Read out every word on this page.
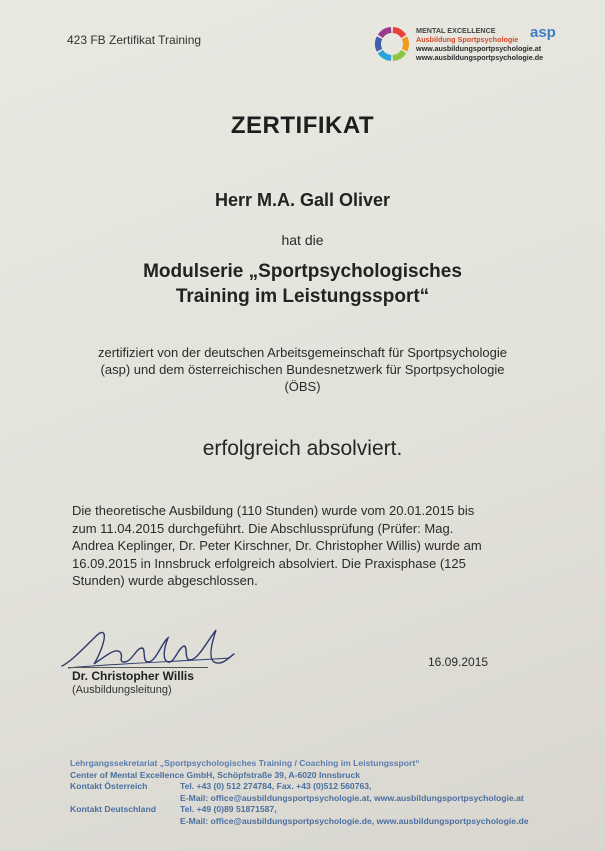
423 FB Zertifikat Training
MENTAL EXCELLENCE
Ausbildung Sportpsychologie
www.ausbildungsportpsychologie.at
www.ausbildungsportpsychologie.de
asp
ZERTIFIKAT
Herr M.A. Gall Oliver
hat die
Modulserie „Sportpsychologisches
Training im Leistungssport“
zertifiziert von der deutschen Arbeitsgemeinschaft für Sportpsychologie
(asp) und dem österreichischen Bundesnetzwerk für Sportpsychologie
(ÖBS)
erfolgreich absolviert.
Die theoretische Ausbildung (110 Stunden) wurde vom 20.01.2015 bis
zum 11.04.2015 durchgeführt. Die Abschlussprüfung (Prüfer: Mag.
Andrea Keplinger, Dr. Peter Kirschner, Dr. Christopher Willis) wurde am
16.09.2015 in Innsbruck erfolgreich absolviert. Die Praxisphase (125
Stunden) wurde abgeschlossen.
Dr. Christopher Willis
(Ausbildungsleitung)
16.09.2015
Lehrgangssekretariat „Sportpsychologisches Training / Coaching im Leistungssport“
Center of Mental Excellence GmbH, Schöpfstraße 39, A-6020 Innsbruck
Kontakt Österreich	Tel. +43 (0) 512 274784, Fax. +43 (0)512 560763,
E-Mail: office@ausbildungsportpsychologie.at, www.ausbildungsportpsychologie.at
Kontakt Deutschland	Tel. +49 (0)89 51871587,
E-Mail: office@ausbildungsportpsychologie.de, www.ausbildungsportpsychologie.de
